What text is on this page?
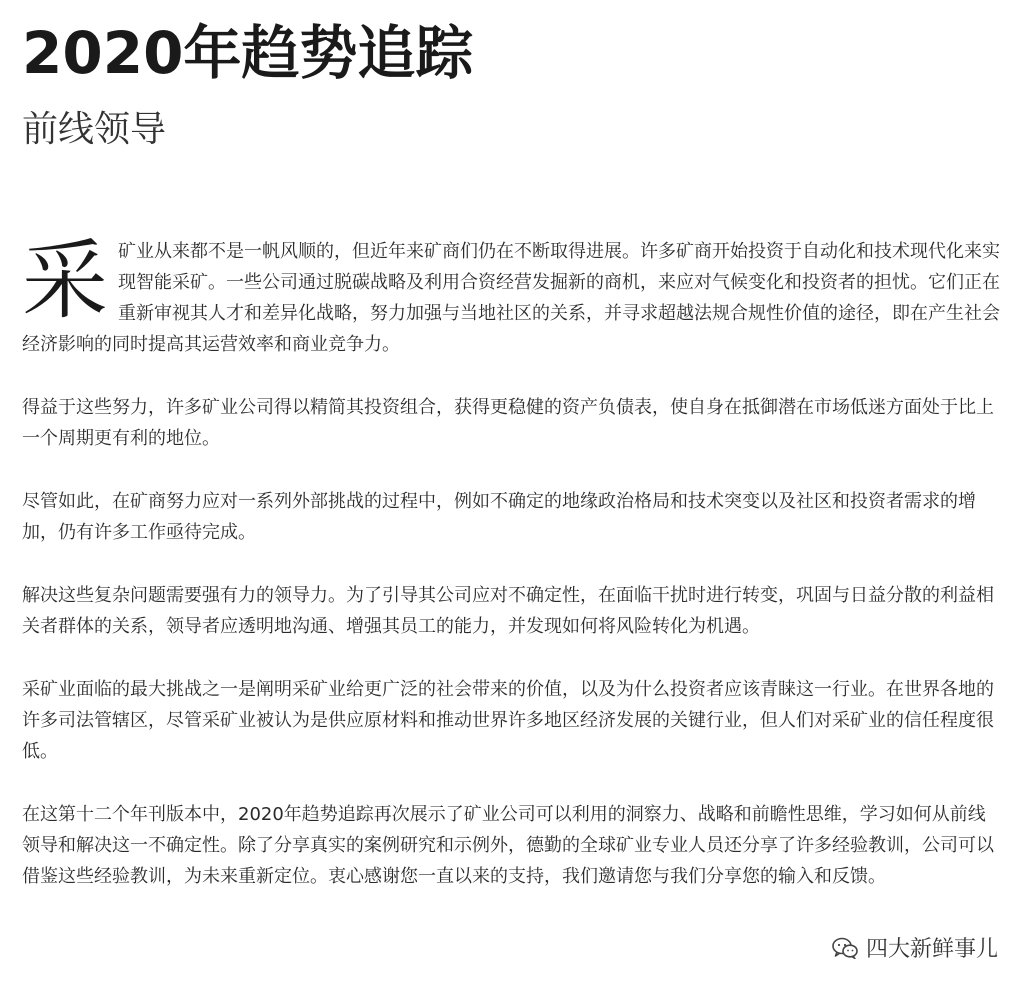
2020年趋势追踪
前线领导

采矿业从来都不是一帆风顺的，但近年来矿商们仍在不断取得进展。许多矿商开始投资于自动化和技术现代化来实现智能采矿。一些公司通过脱碳战略及利用合资经营发掘新的商机，来应对气候变化和投资者的担忧。它们正在重新审视其人才和差异化战略，努力加强与当地社区的关系，并寻求超越法规合规性价值的途径，即在产生社会经济影响的同时提高其运营效率和商业竞争力。

得益于这些努力，许多矿业公司得以精简其投资组合，获得更稳健的资产负债表，使自身在抵御潜在市场低迷方面处于比上一个周期更有利的地位。

尽管如此，在矿商努力应对一系列外部挑战的过程中，例如不确定的地缘政治格局和技术突变以及社区和投资者需求的增加，仍有许多工作亟待完成。

解决这些复杂问题需要强有力的领导力。为了引导其公司应对不确定性，在面临干扰时进行转变，巩固与日益分散的利益相关者群体的关系，领导者应透明地沟通、增强其员工的能力，并发现如何将风险转化为机遇。

采矿业面临的最大挑战之一是阐明采矿业给更广泛的社会带来的价值，以及为什么投资者应该青睐这一行业。在世界各地的许多司法管辖区，尽管采矿业被认为是供应原材料和推动世界许多地区经济发展的关键行业，但人们对采矿业的信任程度很低。

在这第十二个年刊版本中，2020年趋势追踪再次展示了矿业公司可以利用的洞察力、战略和前瞻性思维，学习如何从前线领导和解决这一不确定性。除了分享真实的案例研究和示例外，德勤的全球矿业专业人员还分享了许多经验教训，公司可以借鉴这些经验教训，为未来重新定位。衷心感谢您一直以来的支持，我们邀请您与我们分享您的输入和反馈。

四大新鲜事儿
